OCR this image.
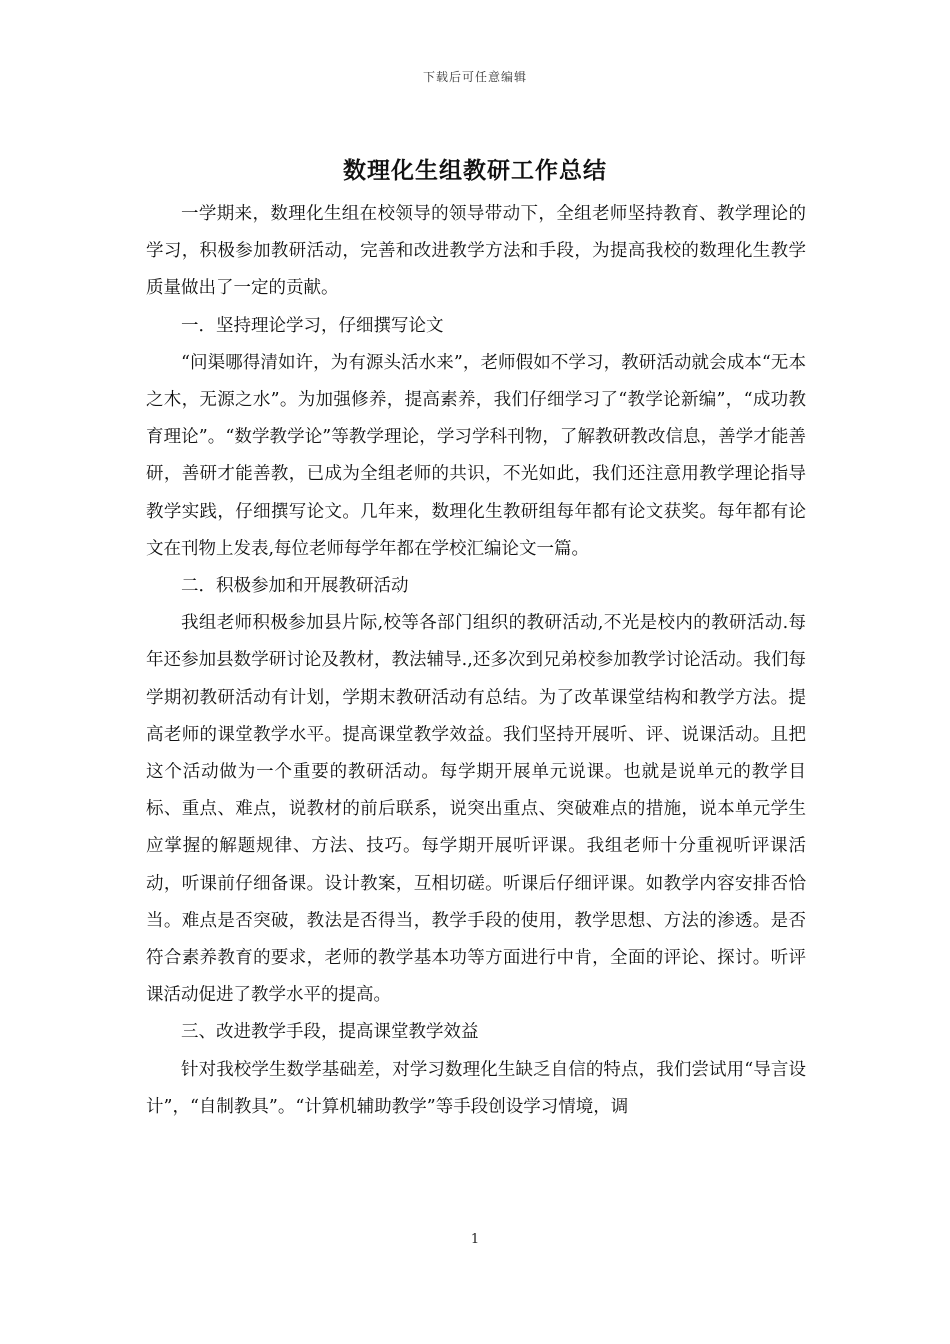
下载后可任意编辑
数理化生组教研工作总结

一学期来，数理化生组在校领导的领导带动下，全组老师坚持教育、教学理论的学习，积极参加教研活动，完善和改进教学方法和手段，为提高我校的数理化生教学质量做出了一定的贡献。

一．坚持理论学习，仔细撰写论文

“问渠哪得清如许，为有源头活水来”，老师假如不学习，教研活动就会成本“无本之木，无源之水”。为加强修养，提高素养，我们仔细学习了“教学论新编”，“成功教育理论”。“数学教学论”等教学理论，学习学科刊物，了解教研教改信息，善学才能善研，善研才能善教，已成为全组老师的共识，不光如此，我们还注意用教学理论指导教学实践，仔细撰写论文。几年来，数理化生教研组每年都有论文获奖。每年都有论文在刊物上发表,每位老师每学年都在学校汇编论文一篇。

二．积极参加和开展教研活动

我组老师积极参加县片际,校等各部门组织的教研活动,不光是校内的教研活动.每年还参加县数学研讨论及教材，教法辅导.,还多次到兄弟校参加教学讨论活动。我们每学期初教研活动有计划，学期末教研活动有总结。为了改革课堂结构和教学方法。提高老师的课堂教学水平。提高课堂教学效益。我们坚持开展听、评、说课活动。且把这个活动做为一个重要的教研活动。每学期开展单元说课。也就是说单元的教学目标、重点、难点，说教材的前后联系，说突出重点、突破难点的措施，说本单元学生应掌握的解题规律、方法、技巧。每学期开展听评课。我组老师十分重视听评课活动，听课前仔细备课。设计教案，互相切磋。听课后仔细评课。如教学内容安排否恰当。难点是否突破，教法是否得当，教学手段的使用，教学思想、方法的渗透。是否符合素养教育的要求，老师的教学基本功等方面进行中肯，全面的评论、探讨。听评课活动促进了教学水平的提高。

三、改进教学手段，提高课堂教学效益

针对我校学生数学基础差，对学习数理化生缺乏自信的特点，我们尝试用“导言设计”，“自制教具”。“计算机辅助教学”等手段创设学习情境，调

1
